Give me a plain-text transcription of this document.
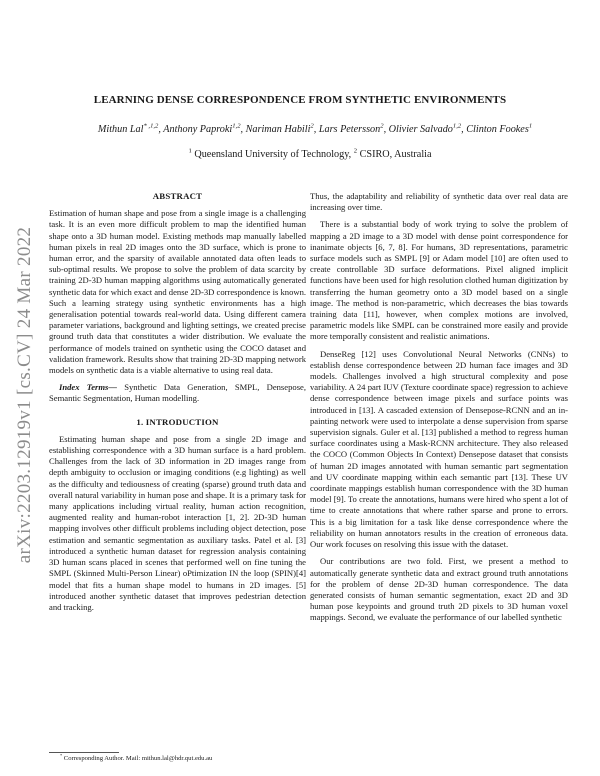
arXiv:2203.12919v1 [cs.CV] 24 Mar 2022
LEARNING DENSE CORRESPONDENCE FROM SYNTHETIC ENVIRONMENTS
Mithun Lal$^{* ,1,2}$, Anthony Paproki$^{1,2}$, Nariman Habili$^2$, Lars Petersson$^2$, Olivier Salvado$^{1,2}$, Clinton Fookes$^1$
$^1$ Queensland University of Technology, $^2$ CSIRO, Australia
ABSTRACT
Estimation of human shape and pose from a single image is a challenging task. It is an even more difficult problem to map the identified human shape onto a 3D human model. Existing methods map manually labelled human pixels in real 2D images onto the 3D surface, which is prone to human error, and the sparsity of available annotated data often leads to sub-optimal results. We propose to solve the problem of data scarcity by training 2D-3D human mapping algorithms using automatically generated synthetic data for which exact and dense 2D-3D correspondence is known. Such a learning strategy using synthetic environments has a high generalisation potential towards real-world data. Using different camera parameter variations, background and lighting settings, we created precise ground truth data that constitutes a wider distribution. We evaluate the performance of models trained on synthetic using the COCO dataset and validation framework. Results show that training 2D-3D mapping network models on synthetic data is a viable alternative to using real data.
Index Terms— Synthetic Data Generation, SMPL, Densepose, Semantic Segmentation, Human modelling.
1. INTRODUCTION
Estimating human shape and pose from a single 2D image and establishing correspondence with a 3D human surface is a hard problem. Challenges from the lack of 3D information in 2D images range from depth ambiguity to occlusion or imaging conditions (e.g lighting) as well as the difficulty and tediousness of creating (sparse) ground truth data and overall natural variability in human pose and shape. It is a primary task for many applications including virtual reality, human action recognition, augmented reality and human-robot interaction [1, 2]. 2D-3D human mapping involves other difficult problems including object detection, pose estimation and semantic segmentation as auxiliary tasks. Patel et al. [3] introduced a synthetic human dataset for regression analysis containing 3D human scans placed in scenes that performed well on fine tuning the SMPL (Skinned Multi-Person Linear) oPtimization IN the loop (SPIN)[4] model that fits a human shape model to humans in 2D images. [5] introduced another synthetic dataset that improves pedestrian detection and tracking.
Thus, the adaptability and reliability of synthetic data over real data are increasing over time.
There is a substantial body of work trying to solve the problem of mapping a 2D image to a 3D model with dense point correspondence for inanimate objects [6, 7, 8]. For humans, 3D representations, parametric surface models such as SMPL [9] or Adam model [10] are often used to create controllable 3D surface deformations. Pixel aligned implicit functions have been used for high resolution clothed human digitization by transferring the human geometry onto a 3D model based on a single image. The method is non-parametric, which decreases the bias towards training data [11], however, when complex motions are involved, parametric models like SMPL can be constrained more easily and provide more temporally consistent and realistic animations.
DenseReg [12] uses Convolutional Neural Networks (CNNs) to establish dense correspondence between 2D human face images and 3D models. Challenges involved a high structural complexity and pose variability. A 24 part IUV (Texture coordinate space) regression to achieve dense correspondence between image pixels and surface points was introduced in [13]. A cascaded extension of Densepose-RCNN and an in-painting network were used to interpolate a dense supervision from sparse supervision signals. Guler et al. [13] published a method to regress human surface coordinates using a Mask-RCNN architecture. They also released the COCO (Common Objects In Context) Densepose dataset that consists of human 2D images annotated with human semantic part segmentation and UV coordinate mapping within each semantic part [13]. These UV coordinate mappings establish human correspondence with the 3D human model [9]. To create the annotations, humans were hired who spent a lot of time to create annotations that where rather sparse and prone to errors. This is a big limitation for a task like dense correspondence where the reliability on human annotators results in the creation of erroneous data. Our work focuses on resolving this issue with the dataset.
Our contributions are two fold. First, we present a method to automatically generate synthetic data and extract ground truth annotations for the problem of dense 2D-3D human correspondence. The data generated consists of human semantic segmentation, exact 2D and 3D human pose keypoints and ground truth 2D pixels to 3D human voxel mappings. Second, we evaluate the performance of our labelled synthetic
* Corresponding Author. Mail: mithun.lal@hdr.qut.edu.au
